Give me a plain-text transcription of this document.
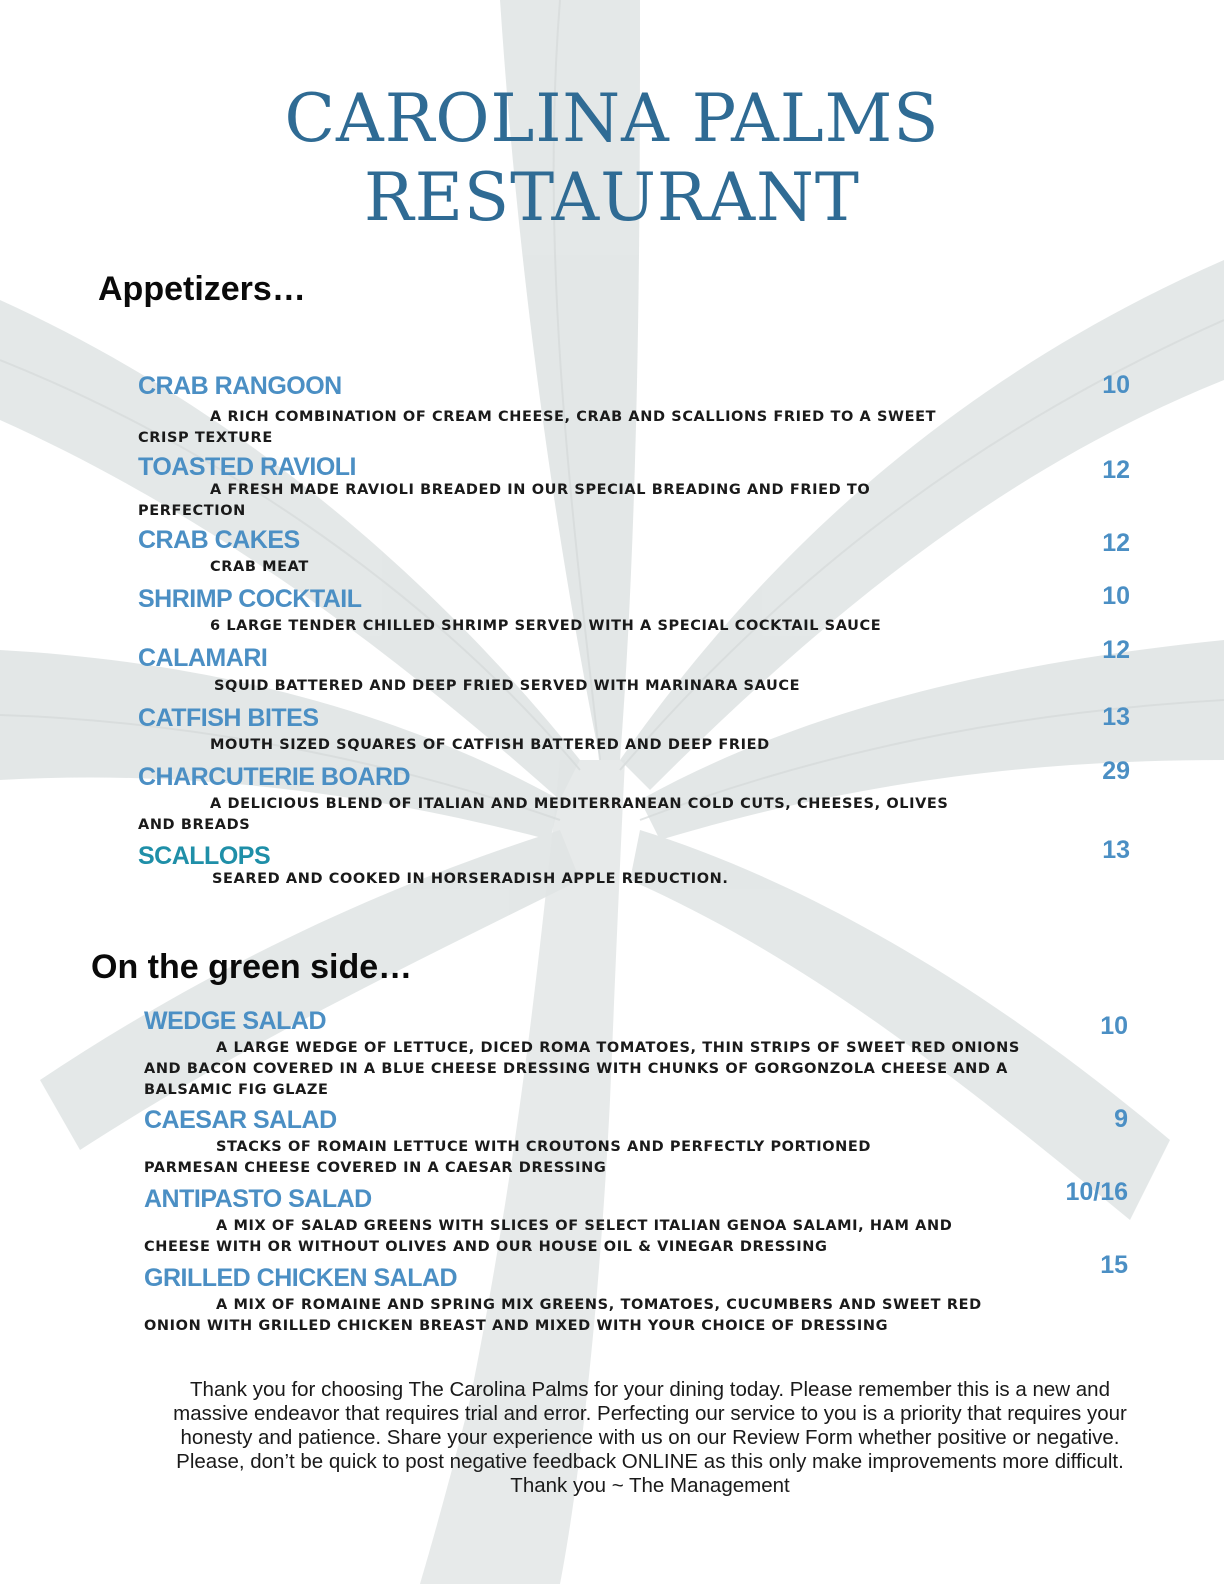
CAROLINA PALMS
RESTAURANT
Appetizers…
CRAB RANGOON
A RICH COMBINATION OF CREAM CHEESE, CRAB AND SCALLIONS FRIED TO A SWEET CRISP TEXTURE
10
TOASTED RAVIOLI
A FRESH MADE RAVIOLI BREADED IN OUR SPECIAL BREADING AND FRIED TO PERFECTION
12
CRAB CAKES
CRAB MEAT
12
SHRIMP COCKTAIL
6 LARGE TENDER CHILLED SHRIMP SERVED WITH A SPECIAL COCKTAIL SAUCE
10
CALAMARI
SQUID BATTERED AND DEEP FRIED SERVED WITH MARINARA SAUCE
12
CATFISH BITES
MOUTH SIZED SQUARES OF CATFISH BATTERED AND DEEP FRIED
13
CHARCUTERIE BOARD
A DELICIOUS BLEND OF ITALIAN AND MEDITERRANEAN COLD CUTS, CHEESES, OLIVES AND BREADS
29
SCALLOPS
SEARED AND COOKED IN HORSERADISH APPLE REDUCTION.
13
On the green side…
WEDGE SALAD
A LARGE WEDGE OF LETTUCE, DICED ROMA TOMATOES, THIN STRIPS OF SWEET RED ONIONS AND BACON COVERED IN A BLUE CHEESE DRESSING WITH CHUNKS OF GORGONZOLA CHEESE AND A BALSAMIC FIG GLAZE
10
CAESAR SALAD
STACKS OF ROMAIN LETTUCE WITH CROUTONS AND PERFECTLY PORTIONED PARMESAN CHEESE COVERED IN A CAESAR DRESSING
9
ANTIPASTO SALAD
A MIX OF SALAD GREENS WITH SLICES OF SELECT ITALIAN GENOA SALAMI, HAM AND CHEESE WITH OR WITHOUT OLIVES AND OUR HOUSE OIL & VINEGAR DRESSING
10/16
GRILLED CHICKEN SALAD
A MIX OF ROMAINE AND SPRING MIX GREENS, TOMATOES, CUCUMBERS AND SWEET RED ONION WITH GRILLED CHICKEN BREAST AND MIXED WITH YOUR CHOICE OF DRESSING
15
Thank you for choosing The Carolina Palms for your dining today. Please remember this is a new and massive endeavor that requires trial and error. Perfecting our service to you is a priority that requires your honesty and patience. Share your experience with us on our Review Form whether positive or negative. Please, don’t be quick to post negative feedback ONLINE as this only make improvements more difficult.
Thank you ~ The Management
